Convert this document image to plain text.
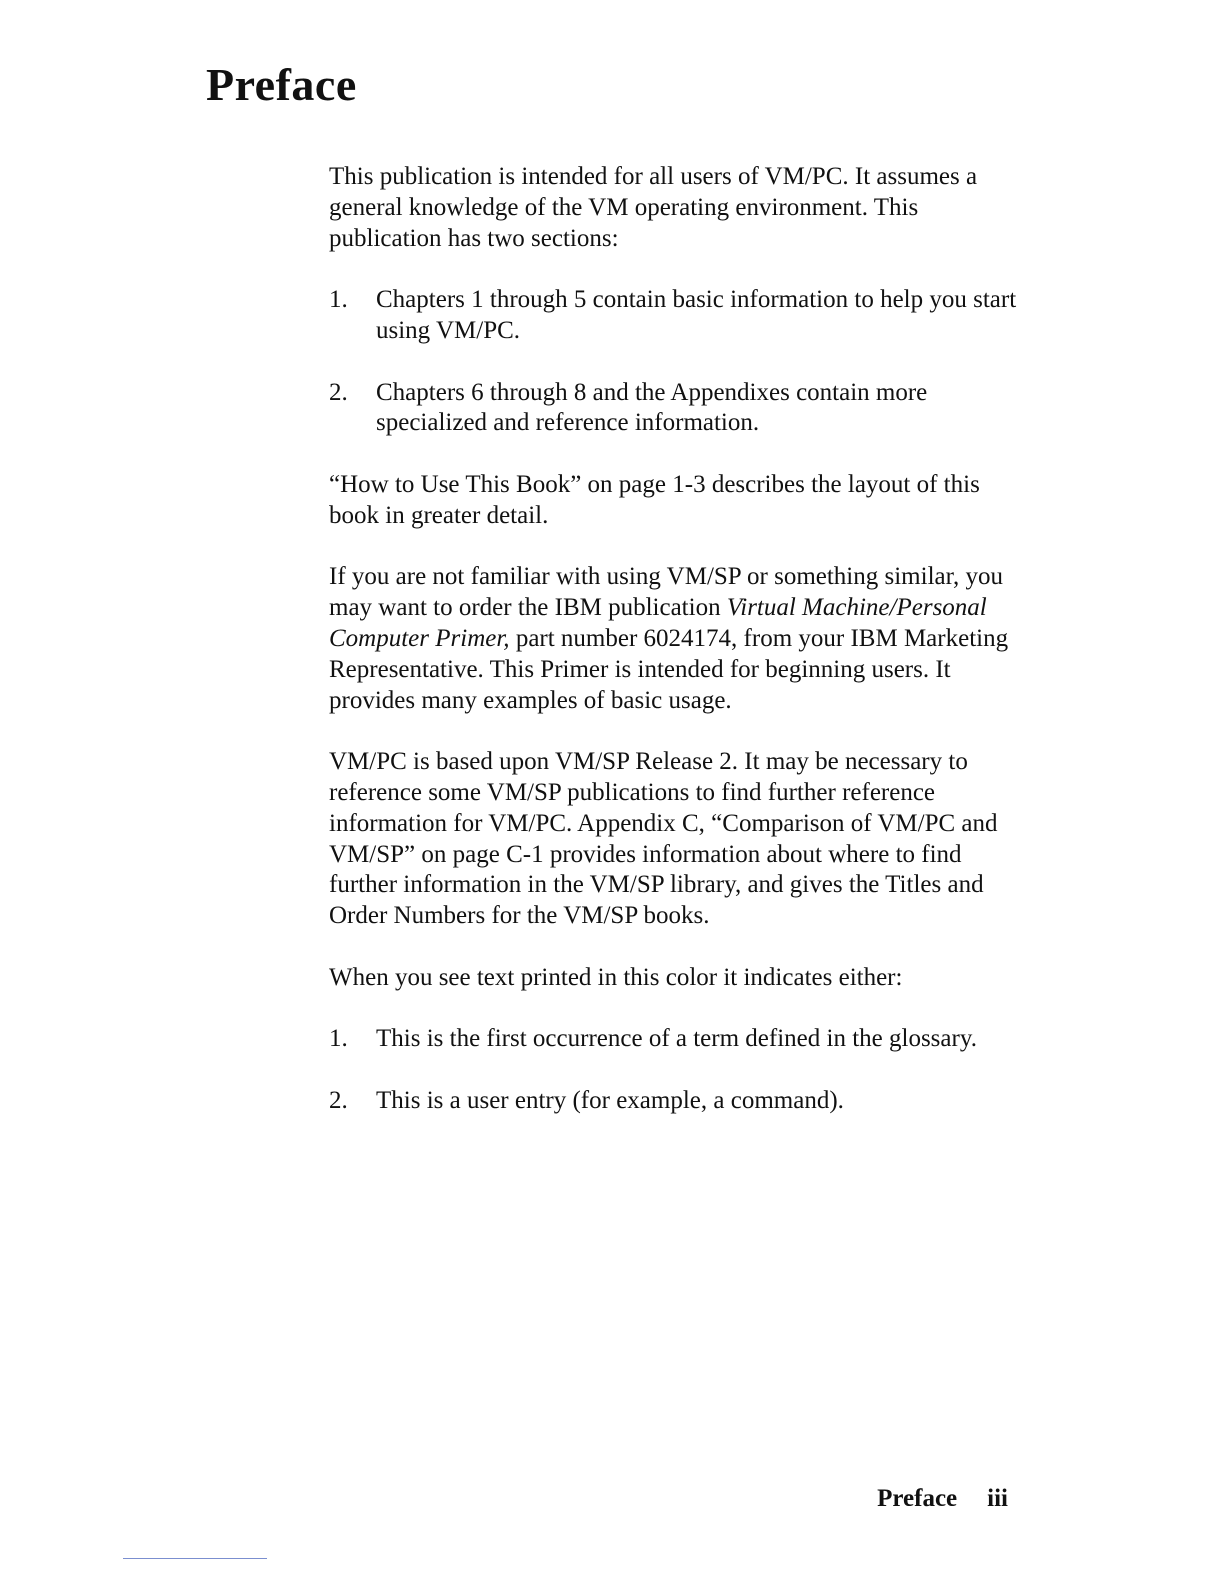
Preface

This publication is intended for all users of VM/PC. It assumes a general knowledge of the VM operating environment. This publication has two sections:

1. Chapters 1 through 5 contain basic information to help you start using VM/PC.
2. Chapters 6 through 8 and the Appendixes contain more specialized and reference information.

“How to Use This Book” on page 1-3 describes the layout of this book in greater detail.

If you are not familiar with using VM/SP or something similar, you may want to order the IBM publication Virtual Machine/Personal Computer Primer, part number 6024174, from your IBM Marketing Representative. This Primer is intended for beginning users. It provides many examples of basic usage.

VM/PC is based upon VM/SP Release 2. It may be necessary to reference some VM/SP publications to find further reference information for VM/PC. Appendix C, “Comparison of VM/PC and VM/SP” on page C-1 provides information about where to find further information in the VM/SP library, and gives the Titles and Order Numbers for the VM/SP books.

When you see text printed in this color it indicates either:

1. This is the first occurrence of a term defined in the glossary.
2. This is a user entry (for example, a command).
Preface iii
